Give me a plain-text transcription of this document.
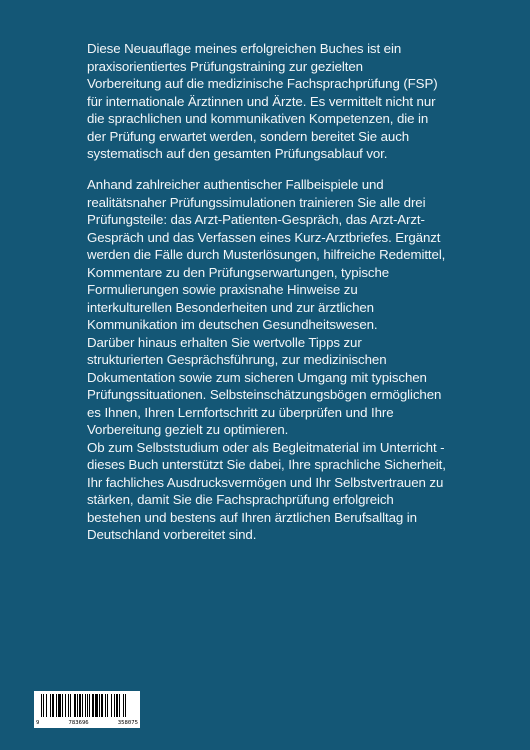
Diese Neuauflage meines erfolgreichen Buches ist ein
praxisorientiertes Prüfungstraining zur gezielten
Vorbereitung auf die medizinische Fachsprachprüfung (FSP)
für internationale Ärztinnen und Ärzte. Es vermittelt nicht nur
die sprachlichen und kommunikativen Kompetenzen, die in
der Prüfung erwartet werden, sondern bereitet Sie auch
systematisch auf den gesamten Prüfungsablauf vor.

Anhand zahlreicher authentischer Fallbeispiele und
realitätsnaher Prüfungssimulationen trainieren Sie alle drei
Prüfungsteile: das Arzt-Patienten-Gespräch, das Arzt-Arzt-
Gespräch und das Verfassen eines Kurz-Arztbriefes. Ergänzt
werden die Fälle durch Musterlösungen, hilfreiche Redemittel,
Kommentare zu den Prüfungserwartungen, typische
Formulierungen sowie praxisnahe Hinweise zu
interkulturellen Besonderheiten und zur ärztlichen
Kommunikation im deutschen Gesundheitswesen.
Darüber hinaus erhalten Sie wertvolle Tipps zur
strukturierten Gesprächsführung, zur medizinischen
Dokumentation sowie zum sicheren Umgang mit typischen
Prüfungssituationen. Selbsteinschätzungsbögen ermöglichen
es Ihnen, Ihren Lernfortschritt zu überprüfen und Ihre
Vorbereitung gezielt zu optimieren.
Ob zum Selbststudium oder als Begleitmaterial im Unterricht -
dieses Buch unterstützt Sie dabei, Ihre sprachliche Sicherheit,
Ihr fachliches Ausdrucksvermögen und Ihr Selbstvertrauen zu
stärken, damit Sie die Fachsprachprüfung erfolgreich
bestehen und bestens auf Ihren ärztlichen Berufsalltag in
Deutschland vorbereitet sind.

9	783696	358075
